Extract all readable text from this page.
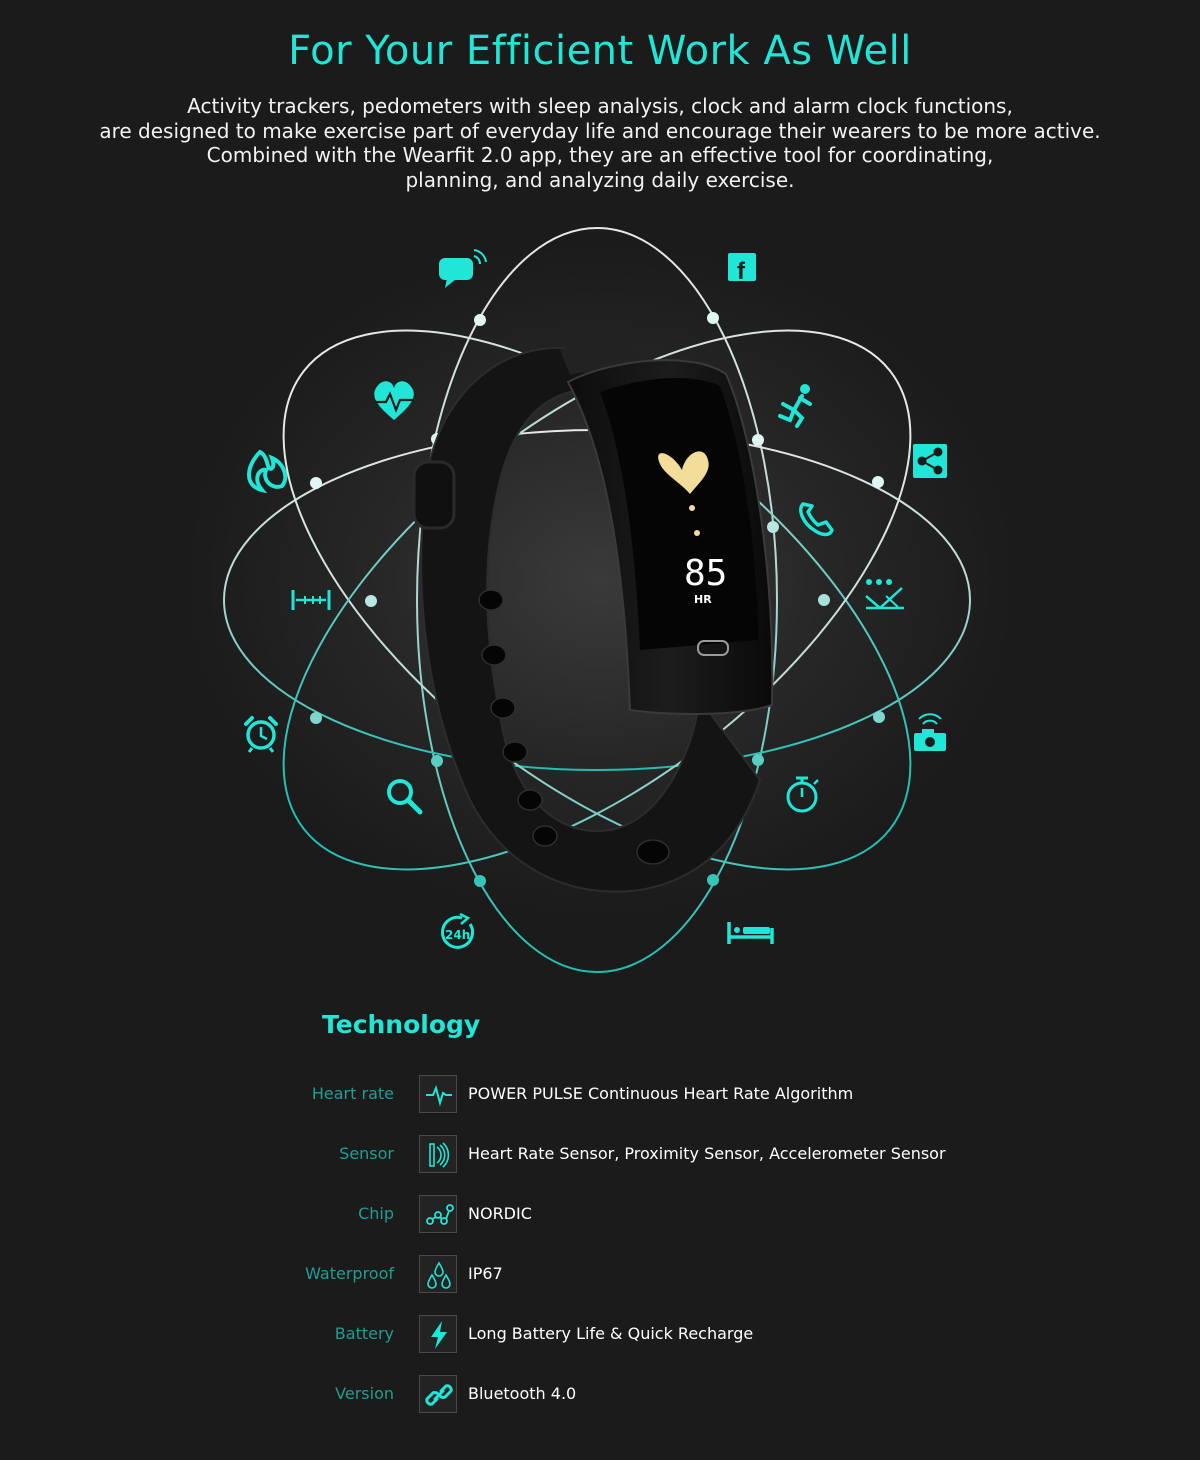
For Your Efficient Work As Well
Activity trackers, pedometers with sleep analysis, clock and alarm clock functions,
are designed to make exercise part of everyday life and encourage their wearers to be more active.
Combined with the Wearfit 2.0 app, they are an effective tool for coordinating,
planning, and analyzing daily exercise.
85
HR
f
24h
Technology
Heart rate	POWER PULSE Continuous Heart Rate Algorithm
Sensor	Heart Rate Sensor, Proximity Sensor, Accelerometer Sensor
Chip	NORDIC
Waterproof	IP67
Battery	Long Battery Life & Quick Recharge
Version	Bluetooth 4.0
